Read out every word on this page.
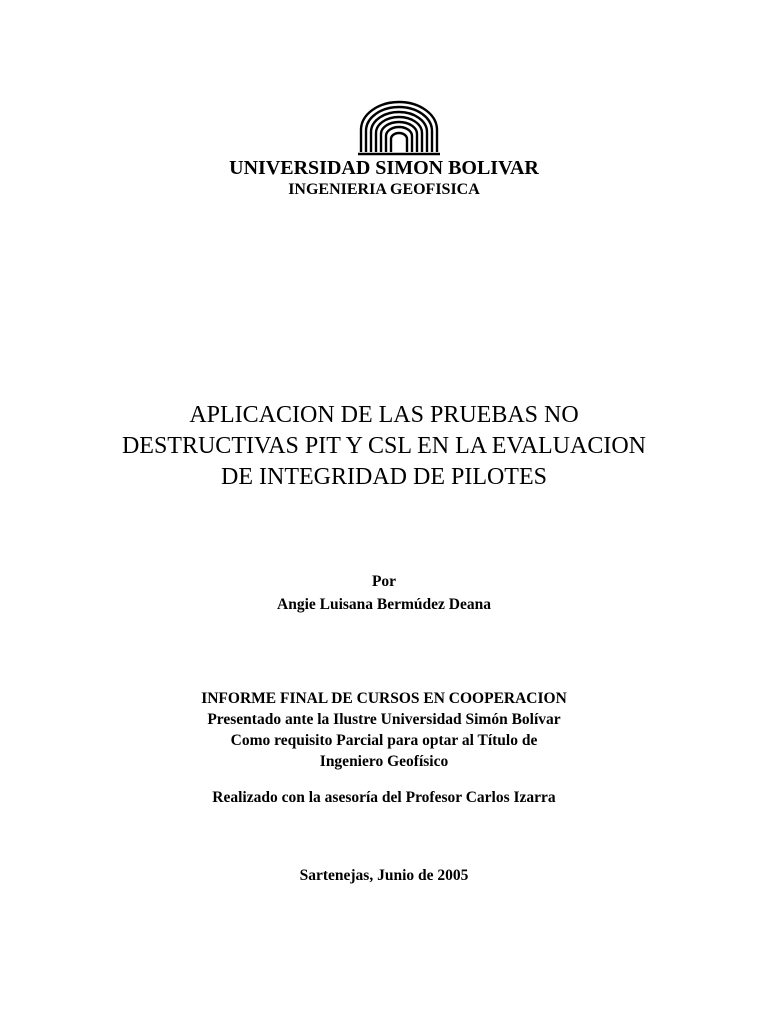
UNIVERSIDAD SIMON BOLIVAR
INGENIERIA GEOFISICA
APLICACION DE LAS PRUEBAS NO
DESTRUCTIVAS PIT Y CSL EN LA EVALUACION
DE INTEGRIDAD DE PILOTES
Por
Angie Luisana Bermúdez Deana
INFORME FINAL DE CURSOS EN COOPERACION
Presentado ante la Ilustre Universidad Simón Bolívar
Como requisito Parcial para optar al Título de
Ingeniero Geofísico
Realizado con la asesoría del Profesor Carlos Izarra
Sartenejas, Junio de 2005
